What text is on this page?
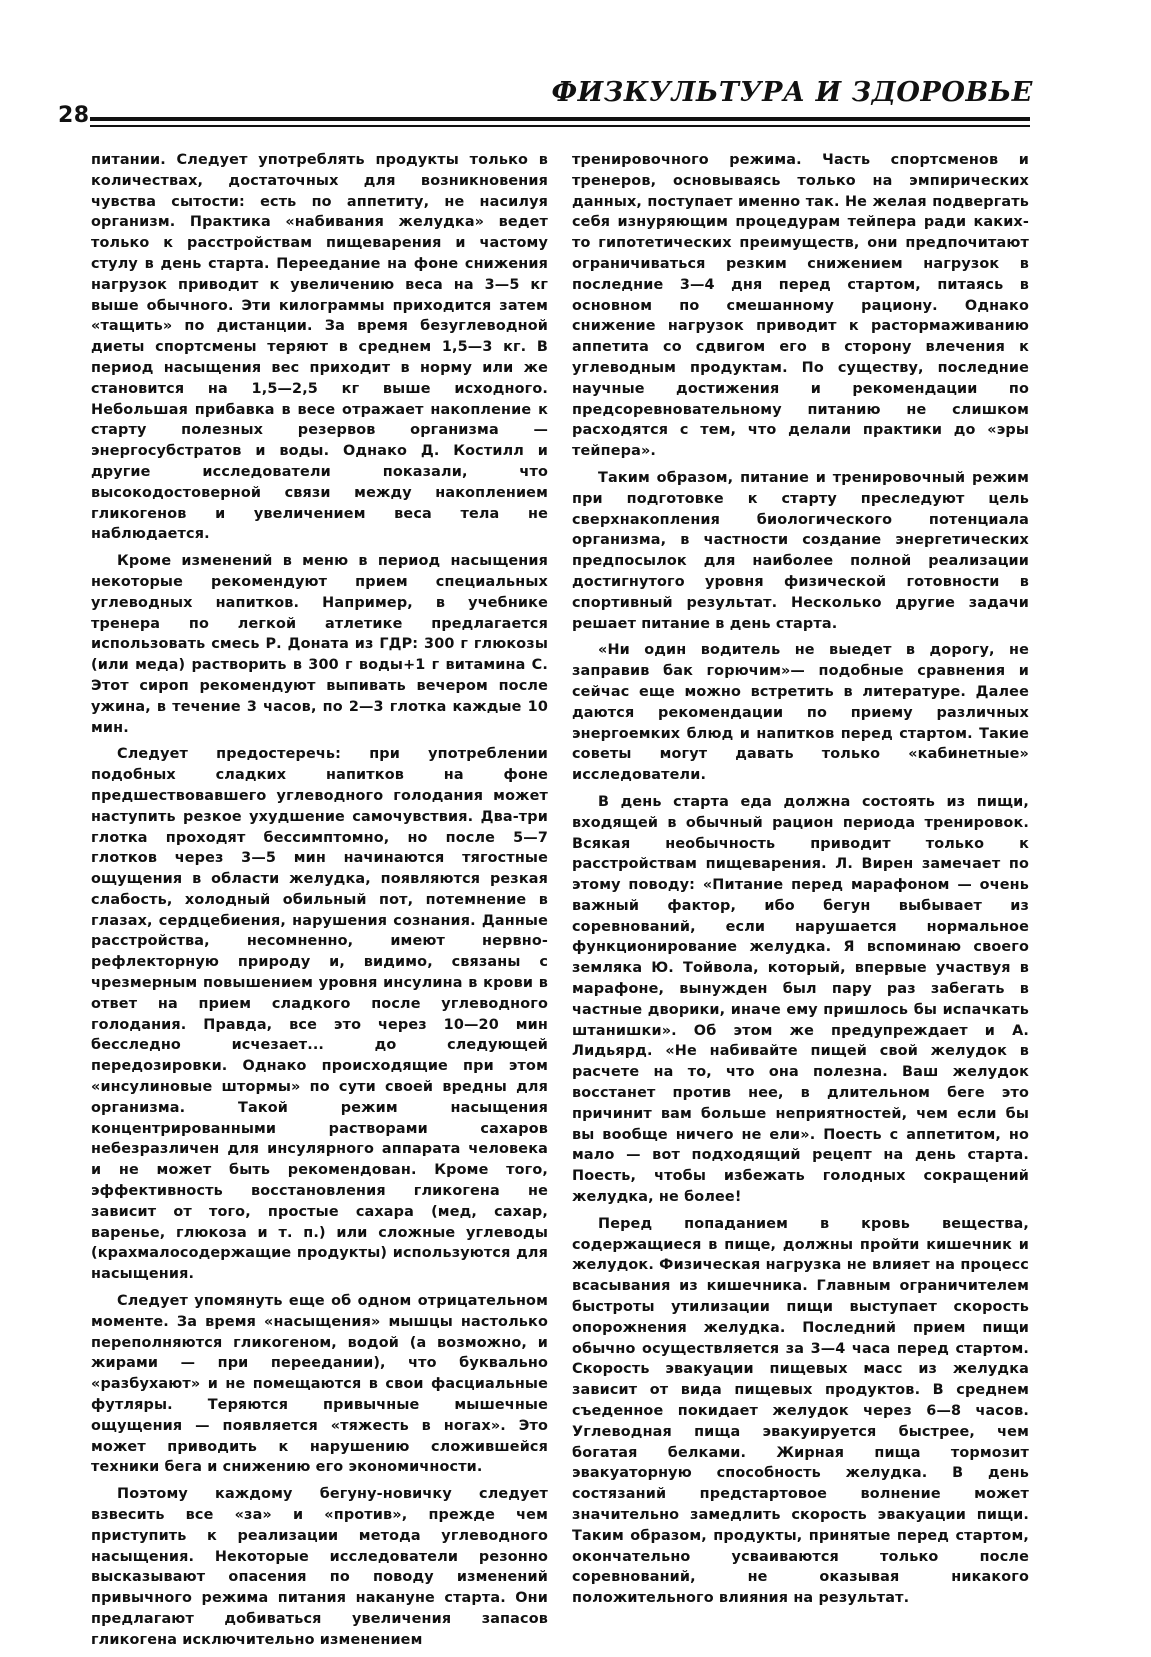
28
ФИЗКУЛЬТУРА И ЗДОРОВЬЕ

питании. Следует употреблять продукты только в количествах, достаточных для возникновения чувства сытости: есть по аппетиту, не насилуя организм. Практика «набивания желудка» ведет только к расстройствам пищеварения и частому стулу в день старта. Переедание на фоне снижения нагрузок приводит к увеличению веса на 3—5 кг выше обычного. Эти килограммы приходится затем «тащить» по дистанции. За время безуглеводной диеты спортсмены теряют в среднем 1,5—3 кг. В период насыщения вес приходит в норму или же становится на 1,5—2,5 кг выше исходного. Небольшая прибавка в весе отражает накопление к старту полезных резервов организма — энергосубстратов и воды. Однако Д. Костилл и другие исследователи показали, что высокодостоверной связи между накоплением гликогенов и увеличением веса тела не наблюдается.

Кроме изменений в меню в период насыщения некоторые рекомендуют прием специальных углеводных напитков. Например, в учебнике тренера по легкой атлетике предлагается использовать смесь Р. Доната из ГДР: 300 г глюкозы (или меда) растворить в 300 г воды+1 г витамина С. Этот сироп рекомендуют выпивать вечером после ужина, в течение 3 часов, по 2—3 глотка каждые 10 мин.

Следует предостеречь: при употреблении подобных сладких напитков на фоне предшествовавшего углеводного голодания может наступить резкое ухудшение самочувствия. Два-три глотка проходят бессимптомно, но после 5—7 глотков через 3—5 мин начинаются тягостные ощущения в области желудка, появляются резкая слабость, холодный обильный пот, потемнение в глазах, сердцебиения, нарушения сознания. Данные расстройства, несомненно, имеют нервно-рефлекторную природу и, видимо, связаны с чрезмерным повышением уровня инсулина в крови в ответ на прием сладкого после углеводного голодания. Правда, все это через 10—20 мин бесследно исчезает... до следующей передозировки. Однако происходящие при этом «инсулиновые штормы» по сути своей вредны для организма. Такой режим насыщения концентрированными растворами сахаров небезразличен для инсулярного аппарата человека и не может быть рекомендован. Кроме того, эффективность восстановления гликогена не зависит от того, простые сахара (мед, сахар, варенье, глюкоза и т. п.) или сложные углеводы (крахмалосодержащие продукты) используются для насыщения.

Следует упомянуть еще об одном отрицательном моменте. За время «насыщения» мышцы настолько переполняются гликогеном, водой (а возможно, и жирами — при переедании), что буквально «разбухают» и не помещаются в свои фасциальные футляры. Теряются привычные мышечные ощущения — появляется «тяжесть в ногах». Это может приводить к нарушению сложившейся техники бега и снижению его экономичности.

Поэтому каждому бегуну-новичку следует взвесить все «за» и «против», прежде чем приступить к реализации метода углеводного насыщения. Некоторые исследователи резонно высказывают опасения по поводу изменений привычного режима питания накануне старта. Они предлагают добиваться увеличения запасов гликогена исключительно изменением

тренировочного режима. Часть спортсменов и тренеров, основываясь только на эмпирических данных, поступает именно так. Не желая подвергать себя изнуряющим процедурам тейпера ради каких-то гипотетических преимуществ, они предпочитают ограничиваться резким снижением нагрузок в последние 3—4 дня перед стартом, питаясь в основном по смешанному рациону. Однако снижение нагрузок приводит к растормаживанию аппетита со сдвигом его в сторону влечения к углеводным продуктам. По существу, последние научные достижения и рекомендации по предсоревновательному питанию не слишком расходятся с тем, что делали практики до «эры тейпера».

Таким образом, питание и тренировочный режим при подготовке к старту преследуют цель сверхнакопления биологического потенциала организма, в частности создание энергетических предпосылок для наиболее полной реализации достигнутого уровня физической готовности в спортивный результат. Несколько другие задачи решает питание в день старта.

«Ни один водитель не выедет в дорогу, не заправив бак горючим»— подобные сравнения и сейчас еще можно встретить в литературе. Далее даются рекомендации по приему различных энергоемких блюд и напитков перед стартом. Такие советы могут давать только «кабинетные» исследователи.

В день старта еда должна состоять из пищи, входящей в обычный рацион периода тренировок. Всякая необычность приводит только к расстройствам пищеварения. Л. Вирен замечает по этому поводу: «Питание перед марафоном — очень важный фактор, ибо бегун выбывает из соревнований, если нарушается нормальное функционирование желудка. Я вспоминаю своего земляка Ю. Тойвола, который, впервые участвуя в марафоне, вынужден был пару раз забегать в частные дворики, иначе ему пришлось бы испачкать штанишки». Об этом же предупреждает и А. Лидьярд. «Не набивайте пищей свой желудок в расчете на то, что она полезна. Ваш желудок восстанет против нее, в длительном беге это причинит вам больше неприятностей, чем если бы вы вообще ничего не ели». Поесть с аппетитом, но мало — вот подходящий рецепт на день старта. Поесть, чтобы избежать голодных сокращений желудка, не более!

Перед попаданием в кровь вещества, содержащиеся в пище, должны пройти кишечник и желудок. Физическая нагрузка не влияет на процесс всасывания из кишечника. Главным ограничителем быстроты утилизации пищи выступает скорость опорожнения желудка. Последний прием пищи обычно осуществляется за 3—4 часа перед стартом. Скорость эвакуации пищевых масс из желудка зависит от вида пищевых продуктов. В среднем съеденное покидает желудок через 6—8 часов. Углеводная пища эвакуируется быстрее, чем богатая белками. Жирная пища тормозит эвакуаторную способность желудка. В день состязаний предстартовое волнение может значительно замедлить скорость эвакуации пищи. Таким образом, продукты, принятые перед стартом, окончательно усваиваются только после соревнований, не оказывая никакого положительного влияния на результат.
